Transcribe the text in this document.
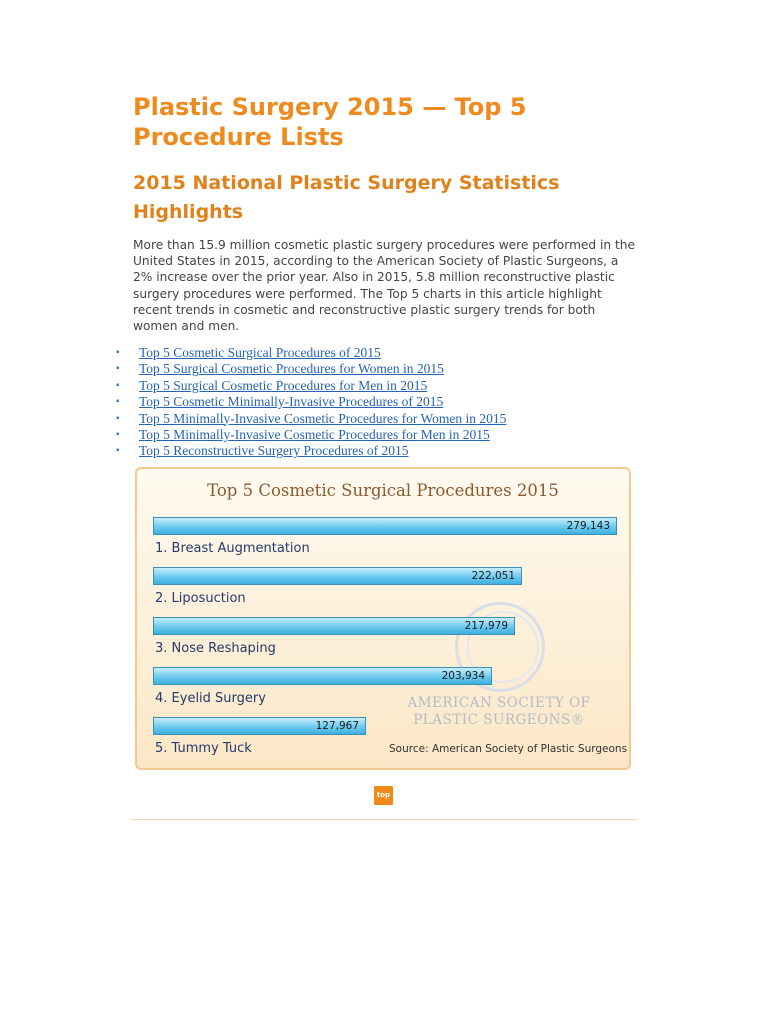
Plastic Surgery 2015 — Top 5 Procedure Lists
2015 National Plastic Surgery Statistics Highlights

More than 15.9 million cosmetic plastic surgery procedures were performed in the United States in 2015, according to the American Society of Plastic Surgeons, a 2% increase over the prior year. Also in 2015, 5.8 million reconstructive plastic surgery procedures were performed. The Top 5 charts in this article highlight recent trends in cosmetic and reconstructive plastic surgery trends for both women and men.

▪ Top 5 Cosmetic Surgical Procedures of 2015
▪ Top 5 Surgical Cosmetic Procedures for Women in 2015
▪ Top 5 Surgical Cosmetic Procedures for Men in 2015
▪ Top 5 Cosmetic Minimally-Invasive Procedures of 2015
▪ Top 5 Minimally-Invasive Cosmetic Procedures for Women in 2015
▪ Top 5 Minimally-Invasive Cosmetic Procedures for Men in 2015
▪ Top 5 Reconstructive Surgery Procedures of 2015
Top 5 Cosmetic Surgical Procedures 2015
AMERICAN SOCIETY OF
PLASTIC SURGEONS®
279,143
1. Breast Augmentation
222,051
2. Liposuction
217,979
3. Nose Reshaping
203,934
4. Eyelid Surgery
127,967
5. Tummy Tuck	Source: American Society of Plastic Surgeons
top
